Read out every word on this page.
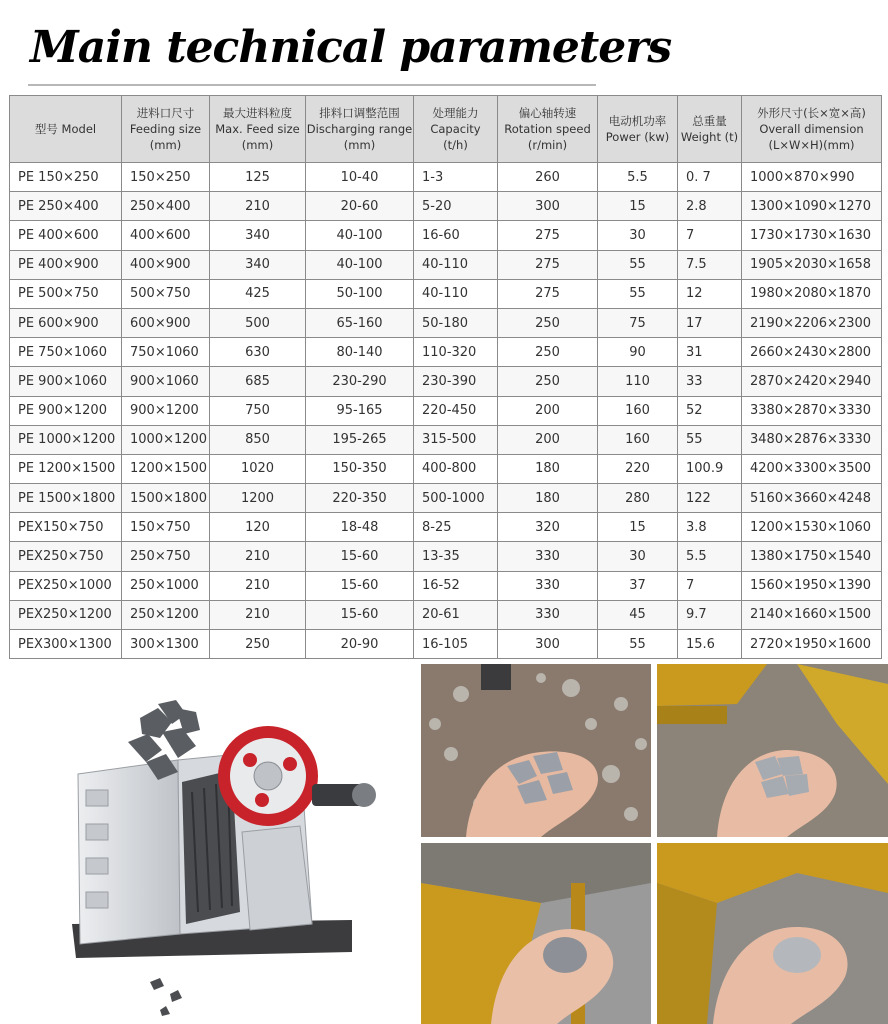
Main technical parameters
型号 Model	进料口尺寸
Feeding size
(mm)	最大进料粒度
Max. Feed size
(mm)	排料口调整范围
Discharging range
(mm)	处理能力
Capacity
(t/h)	偏心轴转速
Rotation speed
(r/min)	电动机功率
Power (kw)	总重量
Weight (t)	外形尺寸(长×宽×高)
Overall dimension
(L×W×H)(mm)

PE 150×250	150×250	125	10-40	1-3	260	5.5	0. 7	1000×870×990
PE 250×400	250×400	210	20-60	5-20	300	15	2.8	1300×1090×1270
PE 400×600	400×600	340	40-100	16-60	275	30	7	1730×1730×1630
PE 400×900	400×900	340	40-100	40-110	275	55	7.5	1905×2030×1658
PE 500×750	500×750	425	50-100	40-110	275	55	12	1980×2080×1870
PE 600×900	600×900	500	65-160	50-180	250	75	17	2190×2206×2300
PE 750×1060	750×1060	630	80-140	110-320	250	90	31	2660×2430×2800
PE 900×1060	900×1060	685	230-290	230-390	250	110	33	2870×2420×2940
PE 900×1200	900×1200	750	95-165	220-450	200	160	52	3380×2870×3330
PE 1000×1200	1000×1200	850	195-265	315-500	200	160	55	3480×2876×3330
PE 1200×1500	1200×1500	1020	150-350	400-800	180	220	100.9	4200×3300×3500
PE 1500×1800	1500×1800	1200	220-350	500-1000	180	280	122	5160×3660×4248
PEX150×750	150×750	120	18-48	8-25	320	15	3.8	1200×1530×1060
PEX250×750	250×750	210	15-60	13-35	330	30	5.5	1380×1750×1540
PEX250×1000	250×1000	210	15-60	16-52	330	37	7	1560×1950×1390
PEX250×1200	250×1200	210	15-60	20-61	330	45	9.7	2140×1660×1500
PEX300×1300	300×1300	250	20-90	16-105	300	55	15.6	2720×1950×1600
